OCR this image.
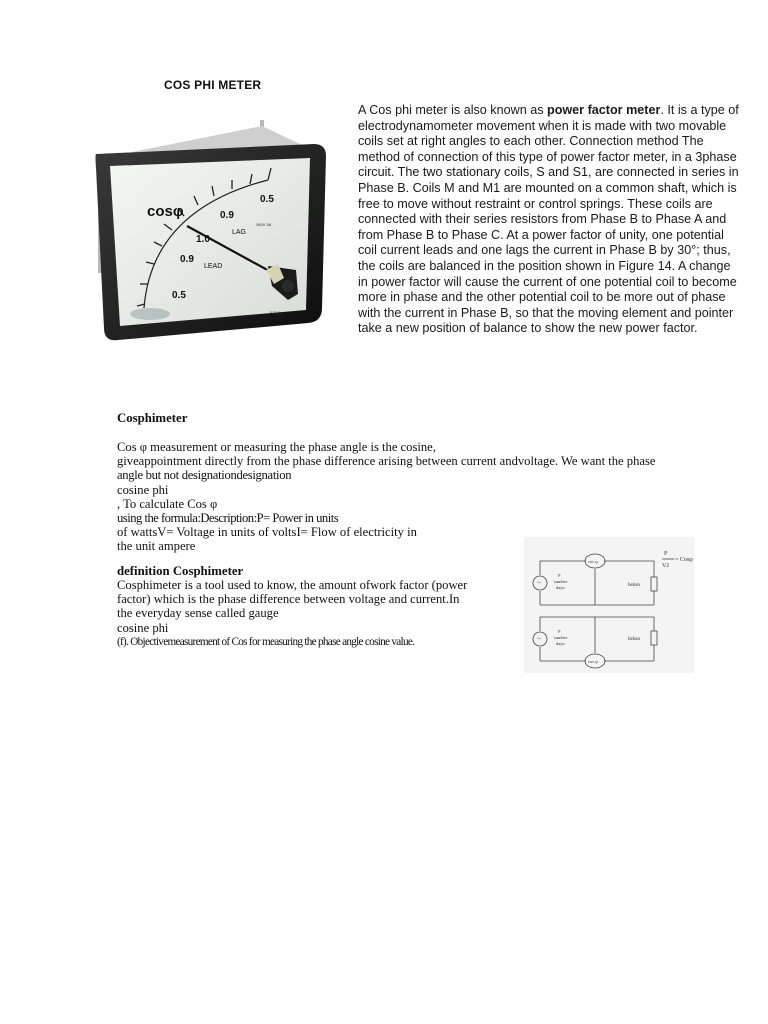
COS PHI METER
cosφ
0.5
0.9
1.0
0.9
0.5
LAG
LEAD
380V 5A
F.T.96
A Cos phi meter is also known as power factor meter. It is a type of electrodynamometer movement when it is made with two movable coils set at right angles to each other. Connection method The method of connection of this type of power factor meter, in a 3phase circuit. The two stationary coils, S and S1, are connected in series in Phase B. Coils M and M1 are mounted on a common shaft, which is free to move without restraint or control springs. These coils are connected with their series resistors from Phase B to Phase A and from Phase B to Phase C. At a power factor of unity, one potential coil current leads and one lags the current in Phase B by 30°; thus, the coils are balanced in the position shown in Figure 14. A change in power factor will cause the current of one potential coil to become more in phase and the other potential coil to be more out of phase with the current in Phase B, so that the moving element and pointer take a new position of balance to show the new power factor.
Cosphimeter
Cos φ measurement or measuring the phase angle is the cosine,
giveappointment directly from the phase difference arising between current andvoltage. We want the phase
angle but not designationdesignation
cosine phi
, To calculate Cos φ
using the formula:Description:P= Power in units
of wattsV= Voltage in units of voltsI= Flow of electricity in
the unit ampere
definition Cosphimeter
Cosphimeter is a tool used to know, the amount ofwork factor (power
factor) which is the phase difference between voltage and current.In
the everyday sense called gauge
cosine phi
(f). Objectivemeasurement of Cos for measuring the phase angle cosine value.
P
V.I
= Cosφ
cos φ
cos φ
~
~
P
sumber
daya
P
sumber
daya
beban
beban
